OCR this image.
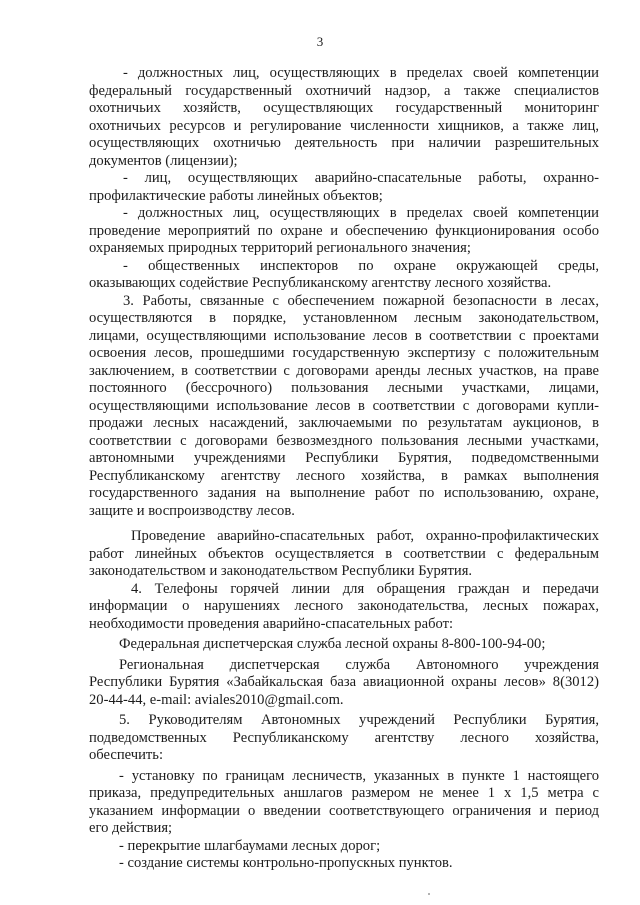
3
- должностных лиц, осуществляющих в пределах своей компетенции
федеральный государственный охотничий надзор, а также специалистов
охотничьих хозяйств, осуществляющих государственный мониторинг
охотничьих ресурсов и регулирование численности хищников, а также лиц,
осуществляющих охотничью деятельность при наличии разрешительных
документов (лицензии);
- лиц, осуществляющих аварийно-спасательные работы, охранно-
профилактические работы линейных объектов;
- должностных лиц, осуществляющих в пределах своей компетенции
проведение мероприятий по охране и обеспечению функционирования особо
охраняемых природных территорий регионального значения;
- общественных инспекторов по охране окружающей среды,
оказывающих содействие Республиканскому агентству лесного хозяйства.
3. Работы, связанные с обеспечением пожарной безопасности в лесах,
осуществляются в порядке, установленном лесным законодательством,
лицами, осуществляющими использование лесов в соответствии с проектами
освоения лесов, прошедшими государственную экспертизу с положительным
заключением, в соответствии с договорами аренды лесных участков, на праве
постоянного (бессрочного) пользования лесными участками, лицами,
осуществляющими использование лесов в соответствии с договорами купли-
продажи лесных насаждений, заключаемыми по результатам аукционов, в
соответствии с договорами безвозмездного пользования лесными участками,
автономными учреждениями Республики Бурятия, подведомственными
Республиканскому агентству лесного хозяйства, в рамках выполнения
государственного задания на выполнение работ по использованию, охране,
защите и воспроизводству лесов.
Проведение аварийно-спасательных работ, охранно-профилактических
работ линейных объектов осуществляется в соответствии с федеральным
законодательством и законодательством Республики Бурятия.
4. Телефоны горячей линии для обращения граждан и передачи
информации о нарушениях лесного законодательства, лесных пожарах,
необходимости проведения аварийно-спасательных работ:
Федеральная диспетчерская служба лесной охраны 8-800-100-94-00;
Региональная диспетчерская служба Автономного учреждения
Республики Бурятия «Забайкальская база авиационной охраны лесов» 8(3012)
20-44-44, e-mail: aviales2010@gmail.com.
5. Руководителям Автономных учреждений Республики Бурятия,
подведомственных Республиканскому агентству лесного хозяйства,
обеспечить:
- установку по границам лесничеств, указанных в пункте 1 настоящего
приказа, предупредительных аншлагов размером не менее 1 х 1,5 метра с
указанием информации о введении соответствующего ограничения и период
его действия;
- перекрытие шлагбаумами лесных дорог;
- создание системы контрольно-пропускных пунктов.
